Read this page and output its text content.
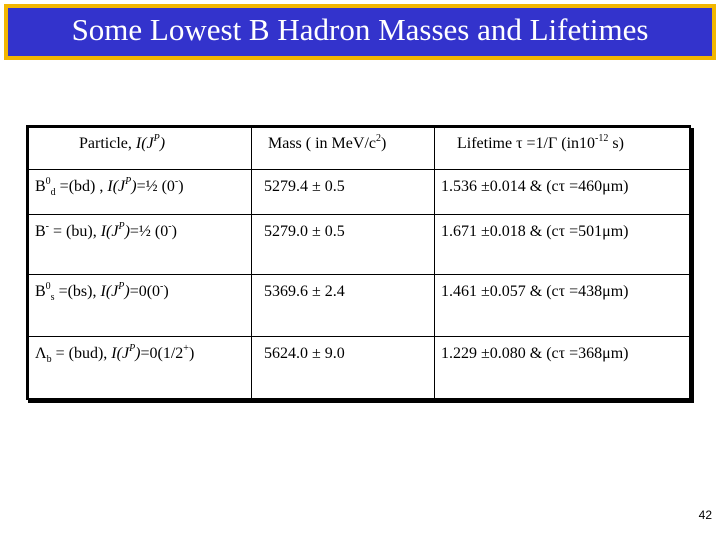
Some Lowest B Hadron Masses and Lifetimes
Particle, $I(J^P)$	Mass ( in MeV/$c^2$)	Lifetime τ =1/Γ ($in10^{-12}$ s)
$B^0_d =(bd)$ , $I(J^P)=\frac{1}{2}$ (0-)	5279.4 ± 0.5	1.536 ±0.014 & (cτ =460μm)
B- = (bu), $I(J^P)=\frac{1}{2}$ (0-)	5279.0 ± 0.5	1.671 ±0.018 & (cτ =501μm)
$B^0_s =(bs)$, $I(J^P)=0(0^-)$	5369.6 ± 2.4	1.461 ±0.057 & (cτ =438μm)
$\Lambda_b = (bud)$, $I(J^P)=0(1/2^+)$	5624.0 ± 9.0	1.229 ±0.080 & (cτ =368μm)
42
